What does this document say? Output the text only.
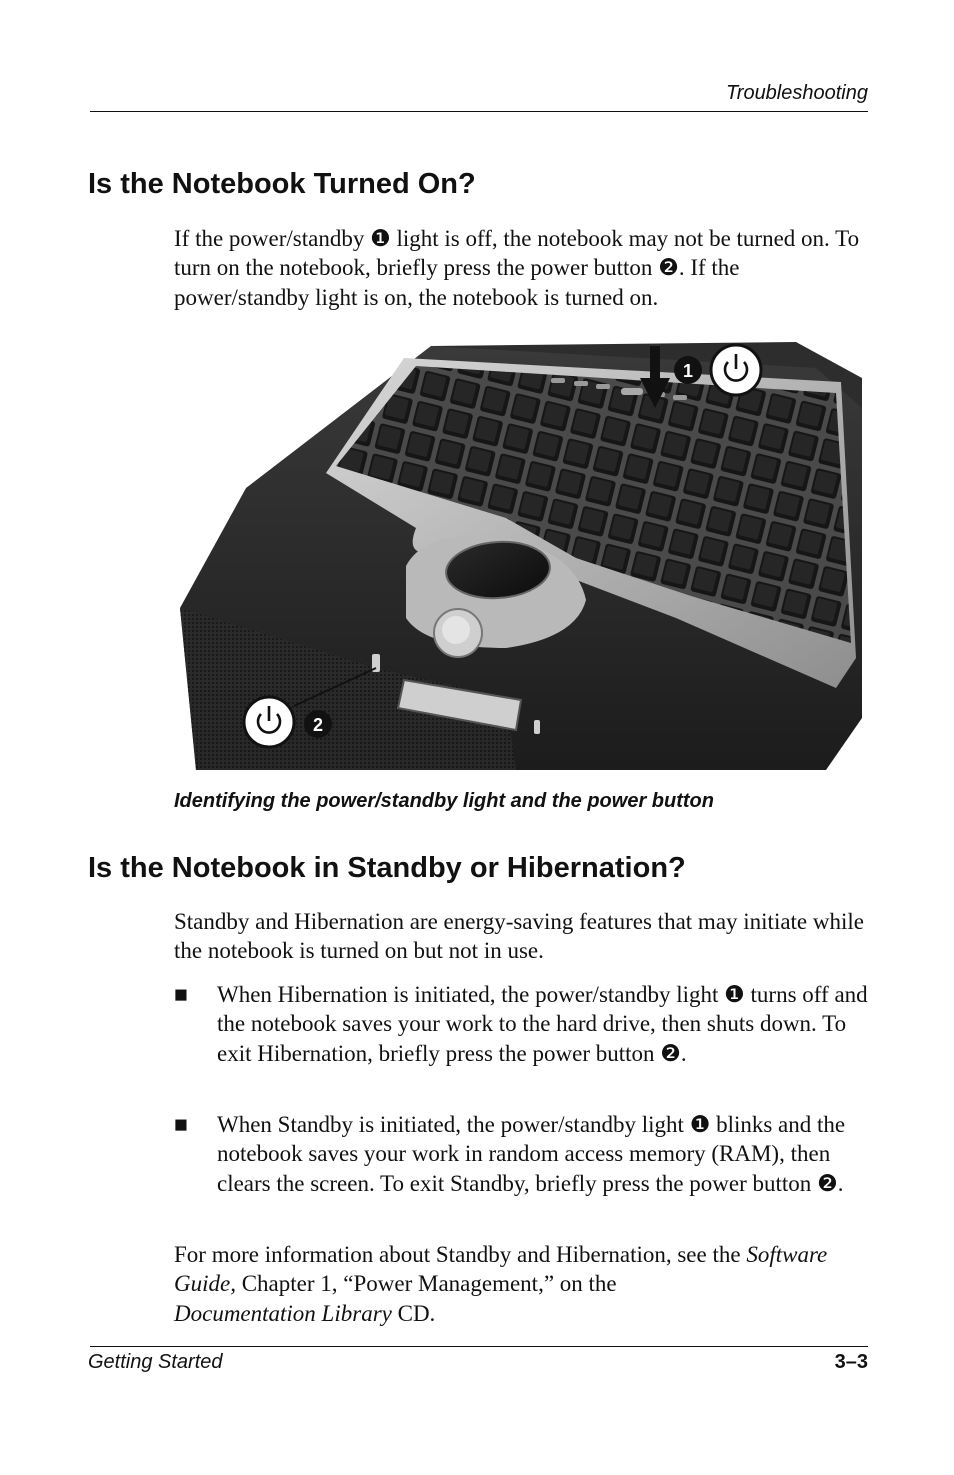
Troubleshooting
Is the Notebook Turned On?

If the power/standby ❶ light is off, the notebook may not be turned on. To turn on the notebook, briefly press the power button ❷. If the power/standby light is on, the notebook is turned on.

1
2
Identifying the power/standby light and the power button
Is the Notebook in Standby or Hibernation?

Standby and Hibernation are energy-saving features that may initiate while the notebook is turned on but not in use.

■	When Hibernation is initiated, the power/standby light ❶ turns off and the notebook saves your work to the hard drive, then shuts down. To exit Hibernation, briefly press the power button ❷.
■	When Standby is initiated, the power/standby light ❶ blinks and the notebook saves your work in random access memory (RAM), then clears the screen. To exit Standby, briefly press the power button ❷.

For more information about Standby and Hibernation, see the Software Guide, Chapter 1, “Power Management,” on the
Documentation Library CD.

Getting Started	3–3
